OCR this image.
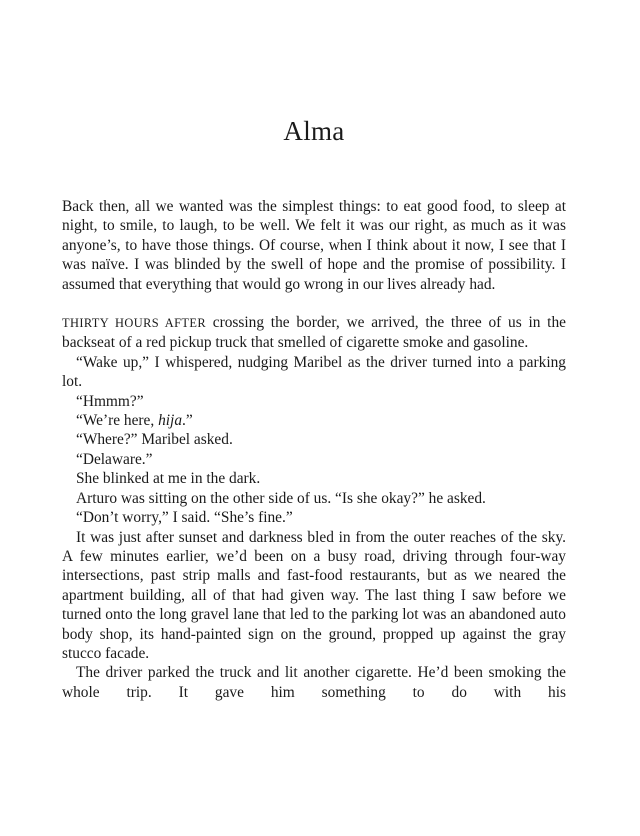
Alma

Back then, all we wanted was the simplest things: to eat good food, to sleep at night, to smile, to laugh, to be well. We felt it was our right, as much as it was anyone’s, to have those things. Of course, when I think about it now, I see that I was naïve. I was blinded by the swell of hope and the promise of possibility. I assumed that everything that would go wrong in our lives already had.

THIRTY HOURS AFTER crossing the border, we arrived, the three of us in the backseat of a red pickup truck that smelled of cigarette smoke and gasoline.

“Wake up,” I whispered, nudging Maribel as the driver turned into a parking lot.

“Hmmm?”

“We’re here, hija.”

“Where?” Maribel asked.

“Delaware.”

She blinked at me in the dark.

Arturo was sitting on the other side of us. “Is she okay?” he asked.

“Don’t worry,” I said. “She’s fine.”

It was just after sunset and darkness bled in from the outer reaches of the sky. A few minutes earlier, we’d been on a busy road, driving through four-way intersections, past strip malls and fast-food restaurants, but as we neared the apartment building, all of that had given way. The last thing I saw before we turned onto the long gravel lane that led to the parking lot was an abandoned auto body shop, its hand-painted sign on the ground, propped up against the gray stucco facade.

The driver parked the truck and lit another cigarette. He’d been smoking the whole trip. It gave him something to do with his
